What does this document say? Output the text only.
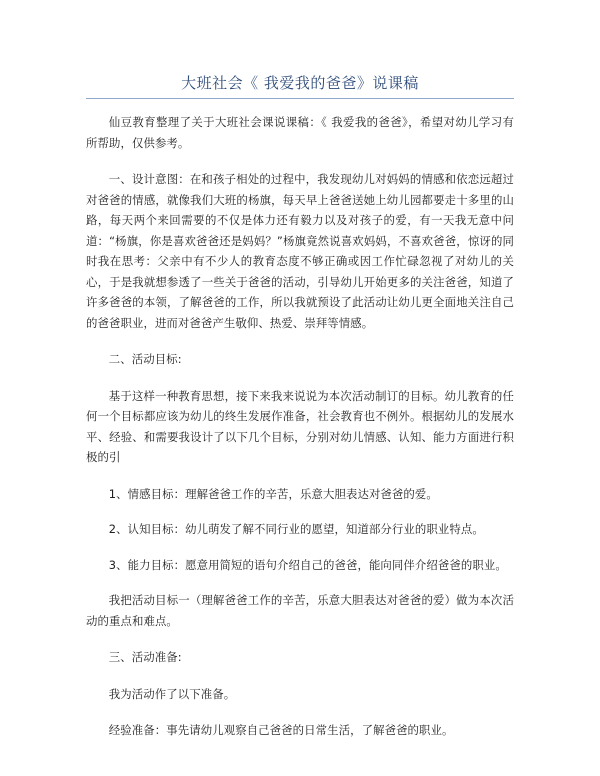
大班社会《 我爱我的爸爸》说课稿

仙豆教育整理了关于大班社会课说课稿：《 我爱我的爸爸》，希望对幼儿学习有所帮助，仅供参考。

一、设计意图：在和孩子相处的过程中，我发现幼儿对妈妈的情感和依恋远超过对爸爸的情感，就像我们大班的杨旗，每天早上爸爸送她上幼儿园都要走十多里的山路，每天两个来回需要的不仅是体力还有毅力以及对孩子的爱，有一天我无意中问道：“杨旗，你是喜欢爸爸还是妈妈？”杨旗竟然说喜欢妈妈，不喜欢爸爸，惊讶的同时我在思考：父亲中有不少人的教育态度不够正确或因工作忙碌忽视了对幼儿的关心，于是我就想参透了一些关于爸爸的活动，引导幼儿开始更多的关注爸爸，知道了许多爸爸的本领，了解爸爸的工作，所以我就预设了此活动让幼儿更全面地关注自己的爸爸职业，进而对爸爸产生敬仰、热爱、崇拜等情感。

二、活动目标:

基于这样一种教育思想，接下来我来说说为本次活动制订的目标。幼儿教育的任何一个目标都应该为幼儿的终生发展作准备，社会教育也不例外。根据幼儿的发展水平、经验、和需要我设计了以下几个目标，分别对幼儿情感、认知、能力方面进行积极的引

1、情感目标：理解爸爸工作的辛苦，乐意大胆表达对爸爸的爱。

2、认知目标：幼儿萌发了解不同行业的愿望，知道部分行业的职业特点。

3、能力目标：愿意用简短的语句介绍自己的爸爸，能向同伴介绍爸爸的职业。

我把活动目标一（理解爸爸工作的辛苦，乐意大胆表达对爸爸的爱）做为本次活动的重点和难点。

三、活动准备:

我为活动作了以下准备。

经验准备：事先请幼儿观察自己爸爸的日常生活，了解爸爸的职业。
